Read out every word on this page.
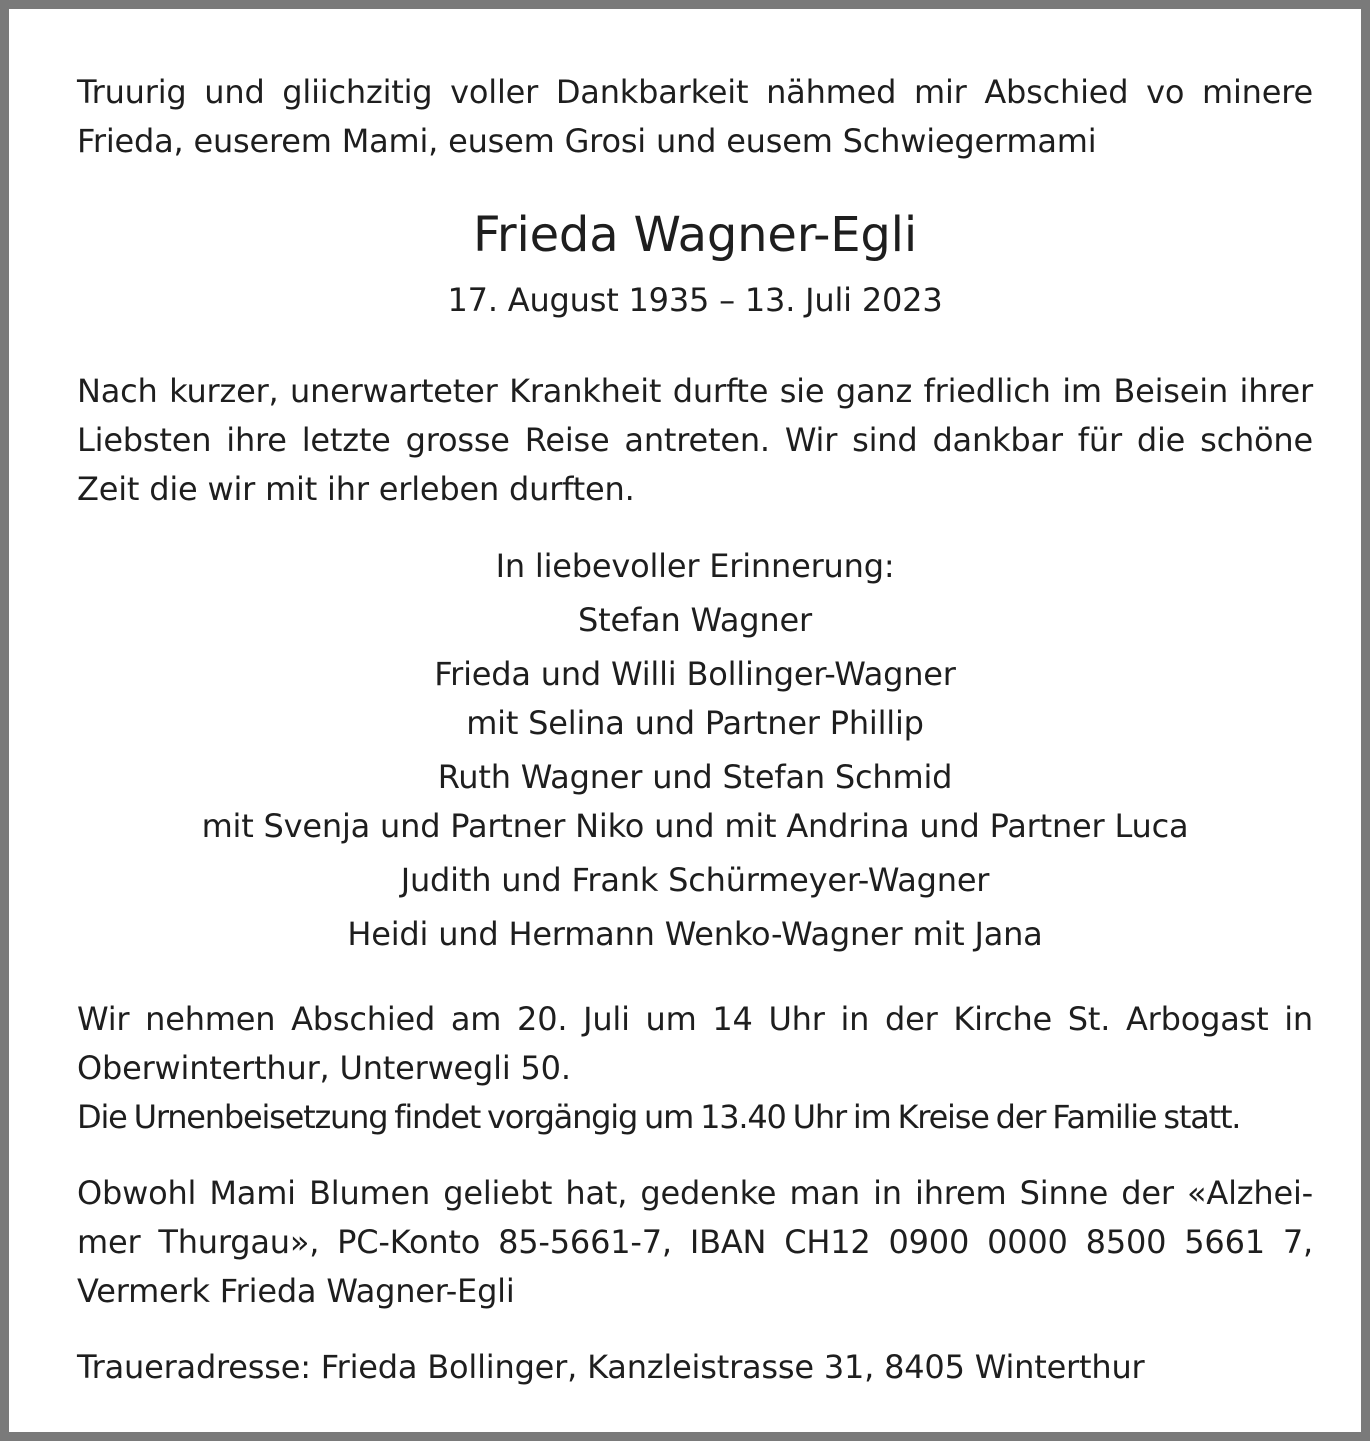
Truurig und gliichzitig voller Dankbarkeit nähmed mir Abschied vo minere

Frieda, euserem Mami, eusem Grosi und eusem Schwiegermami

Frieda Wagner-Egli
17. August 1935 – 13. Juli 2023

Nach kurzer, unerwarteter Krankheit durfte sie ganz friedlich im Beisein ihrer

Liebsten ihre letzte grosse Reise antreten. Wir sind dankbar für die schöne

Zeit die wir mit ihr erleben durften.

In liebevoller Erinnerung:

Stefan Wagner

Frieda und Willi Bollinger-Wagner

mit Selina und Partner Phillip

Ruth Wagner und Stefan Schmid

mit Svenja und Partner Niko und mit Andrina und Partner Luca

Judith und Frank Schürmeyer-Wagner

Heidi und Hermann Wenko-Wagner mit Jana

Wir nehmen Abschied am 20. Juli um 14 Uhr in der Kirche St. Arbogast in

Oberwinterthur, Unterwegli 50.

Die Urnenbeisetzung findet vorgängig um 13.40 Uhr im Kreise der Familie statt.

Obwohl Mami Blumen geliebt hat, gedenke man in ihrem Sinne der «Alzhei-

mer Thurgau», PC-Konto 85-5661-7, IBAN CH12 0900 0000 8500 5661 7,

Vermerk Frieda Wagner-Egli

Traueradresse: Frieda Bollinger, Kanzleistrasse 31, 8405 Winterthur
